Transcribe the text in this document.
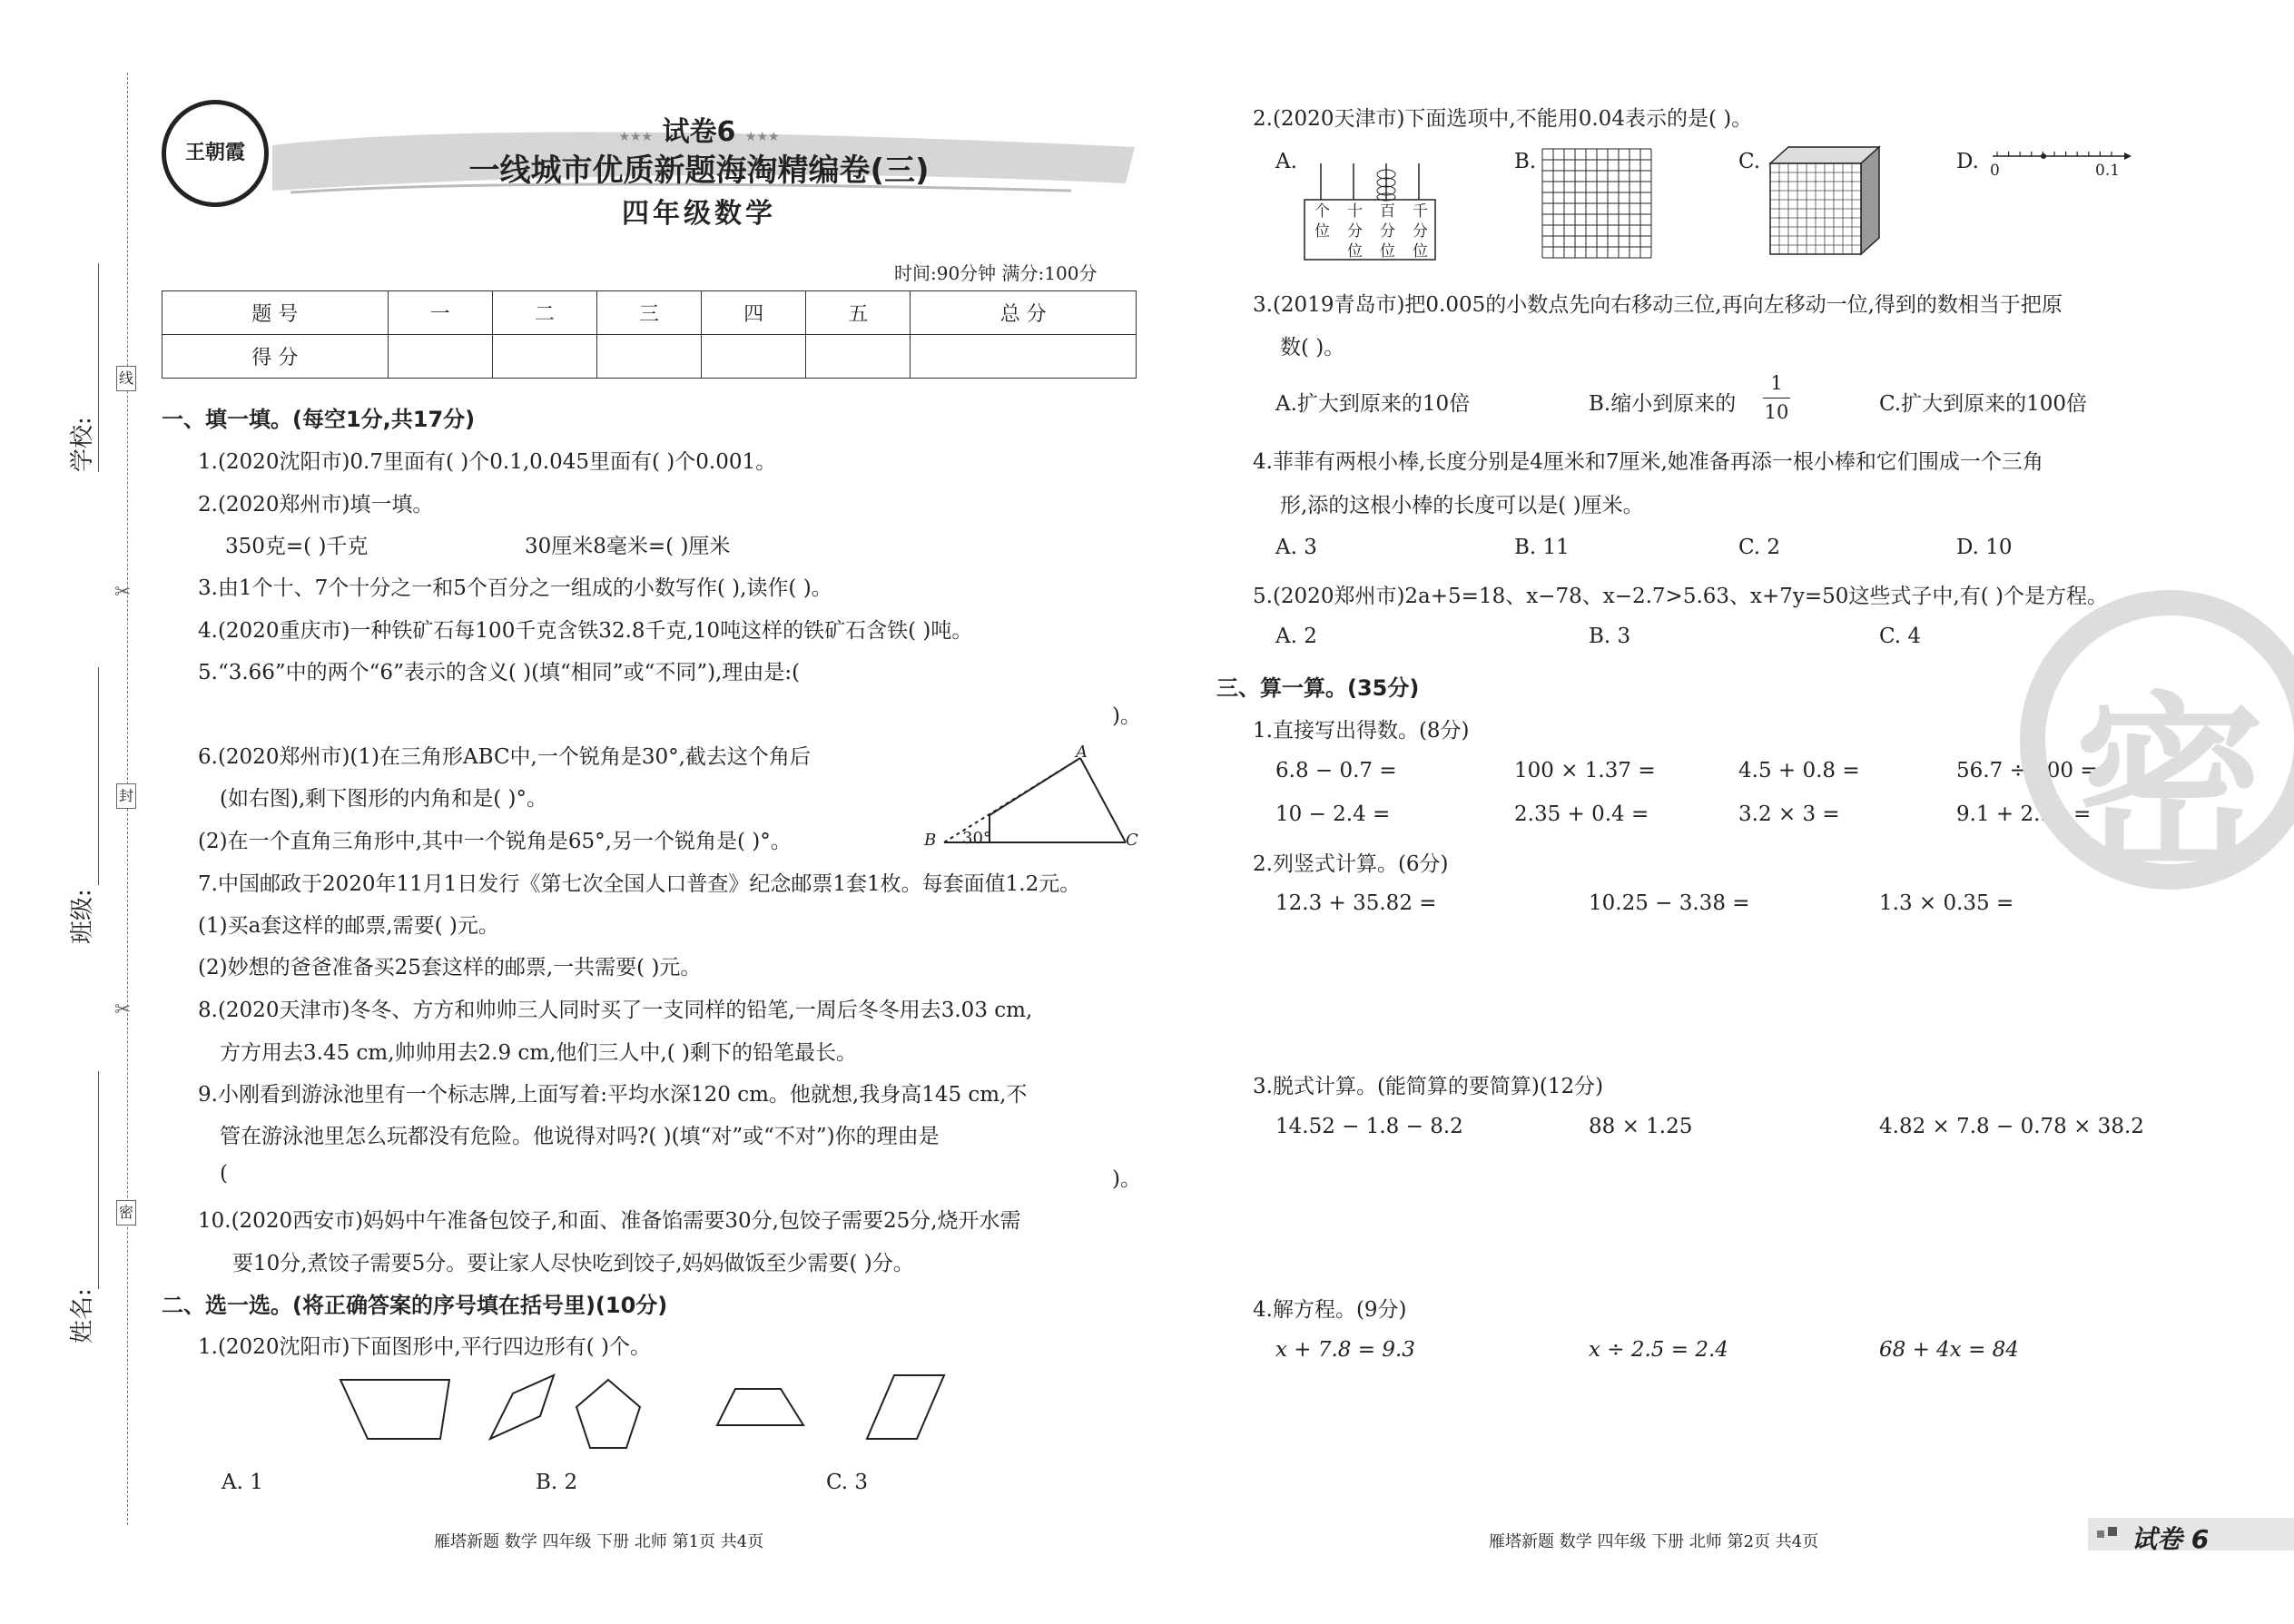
学校:
班级:
姓名:
线
封
密
✂
✂
王朝霞
★★★ 试卷6 ★★★
一线城市优质新题海淘精编卷(三)
四年级数学
时间:90分钟 满分:100分
题 号	一	二	三	四	五	总 分
得 分						
一、填一填。(每空1分,共17分)
1.(2020沈阳市)0.7里面有( )个0.1,0.045里面有( )个0.001。
2.(2020郑州市)填一填。
350克=( )千克	30厘米8毫米=( )厘米
3.由1个十、7个十分之一和5个百分之一组成的小数写作( ),读作( )。
4.(2020重庆市)一种铁矿石每100千克含铁32.8千克,10吨这样的铁矿石含铁( )吨。
5.“3.66”中的两个“6”表示的含义( )(填“相同”或“不同”),理由是:(
)。
6.(2020郑州市)(1)在三角形ABC中,一个锐角是30°,截去这个角后
(如右图),剩下图形的内角和是( )°。
(2)在一个直角三角形中,其中一个锐角是65°,另一个锐角是( )°。
A
B	C
30°
7.中国邮政于2020年11月1日发行《第七次全国人口普查》纪念邮票1套1枚。每套面值1.2元。
(1)买a套这样的邮票,需要( )元。
(2)妙想的爸爸准备买25套这样的邮票,一共需要( )元。
8.(2020天津市)冬冬、方方和帅帅三人同时买了一支同样的铅笔,一周后冬冬用去3.03 cm,
方方用去3.45 cm,帅帅用去2.9 cm,他们三人中,( )剩下的铅笔最长。
9.小刚看到游泳池里有一个标志牌,上面写着:平均水深120 cm。他就想,我身高145 cm,不
管在游泳池里怎么玩都没有危险。他说得对吗?( )(填“对”或“不对”)你的理由是
(	)。
10.(2020西安市)妈妈中午准备包饺子,和面、准备馅需要30分,包饺子需要25分,烧开水需
要10分,煮饺子需要5分。要让家人尽快吃到饺子,妈妈做饭至少需要( )分。
二、选一选。(将正确答案的序号填在括号里)(10分)
1.(2020沈阳市)下面图形中,平行四边形有( )个。
A. 1	B. 2	C. 3
雁塔新题 数学 四年级 下册 北师 第1页 共4页
2.(2020天津市)下面选项中,不能用0.04表示的是( )。
A.	B.	C.	D.
个位
十分位
百分位
千分位
0	0.1
3.(2019青岛市)把0.005的小数点先向右移动三位,再向左移动一位,得到的数相当于把原
数( )。
A.扩大到原来的10倍	B.缩小到原来的
1
10	C.扩大到原来的100倍
4.菲菲有两根小棒,长度分别是4厘米和7厘米,她准备再添一根小棒和它们围成一个三角
形,添的这根小棒的长度可以是( )厘米。
A. 3	B. 11	C. 2	D. 10
5.(2020郑州市)2a+5=18、x−78、x−2.7>5.63、x+7y=50这些式子中,有( )个是方程。
A. 2	B. 3	C. 4
三、算一算。(35分)
1.直接写出得数。(8分)
6.8 − 0.7 =	100 × 1.37 =	4.5 + 0.8 =	56.7 ÷ 100 =
10 − 2.4 =	2.35 + 0.4 =	3.2 × 3 =	9.1 + 2.91 =
2.列竖式计算。(6分)
12.3 + 35.82 =	10.25 − 3.38 =	1.3 × 0.35 =
3.脱式计算。(能简算的要简算)(12分)
14.52 − 1.8 − 8.2	88 × 1.25	4.82 × 7.8 − 0.78 × 38.2
4.解方程。(9分)
x + 7.8 = 9.3	x ÷ 2.5 = 2.4	68 + 4x = 84
密
雁塔新题 数学 四年级 下册 北师 第2页 共4页	试卷 6
